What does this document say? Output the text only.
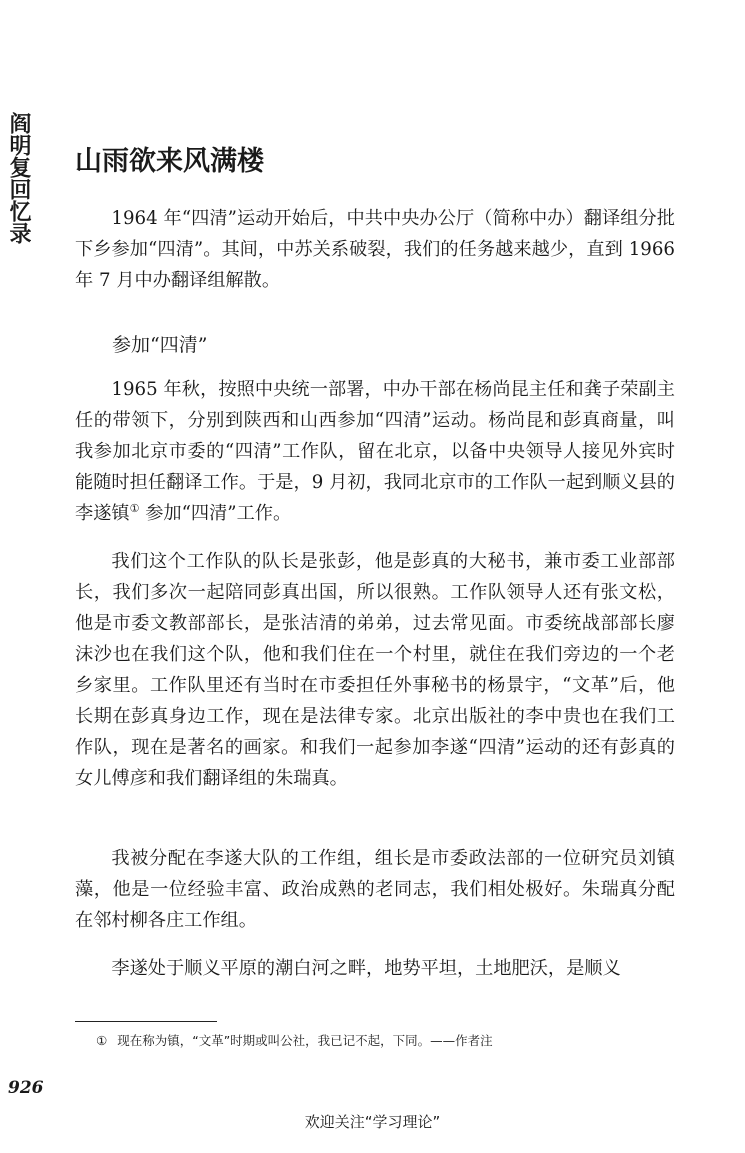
阎明复回忆录 山雨欲来风满楼

1964 年“四清”运动开始后，中共中央办公厅（简称中办）翻译组分批下乡参加“四清”。其间，中苏关系破裂，我们的任务越来越少，直到 1966 年 7 月中办翻译组解散。

参加“四清”

1965 年秋，按照中央统一部署，中办干部在杨尚昆主任和龚子荣副主任的带领下，分别到陕西和山西参加“四清”运动。杨尚昆和彭真商量，叫我参加北京市委的“四清”工作队，留在北京，以备中央领导人接见外宾时能随时担任翻译工作。于是，9 月初，我同北京市的工作队一起到顺义县的李遂镇① 参加“四清”工作。

我们这个工作队的队长是张彭，他是彭真的大秘书，兼市委工业部部长，我们多次一起陪同彭真出国，所以很熟。工作队领导人还有张文松，他是市委文教部部长，是张洁清的弟弟，过去常见面。市委统战部部长廖沫沙也在我们这个队，他和我们住在一个村里，就住在我们旁边的一个老乡家里。工作队里还有当时在市委担任外事秘书的杨景宇，“文革”后，他长期在彭真身边工作，现在是法律专家。北京出版社的李中贵也在我们工作队，现在是著名的画家。和我们一起参加李遂“四清”运动的还有彭真的女儿傅彦和我们翻译组的朱瑞真。

我被分配在李遂大队的工作组，组长是市委政法部的一位研究员刘镇藻，他是一位经验丰富、政治成熟的老同志，我们相处极好。朱瑞真分配在邻村柳各庄工作组。

李遂处于顺义平原的潮白河之畔，地势平坦，土地肥沃，是顺义

① 现在称为镇，“文革”时期或叫公社，我已记不起，下同。——作者注

926
欢迎关注“学习理论”
